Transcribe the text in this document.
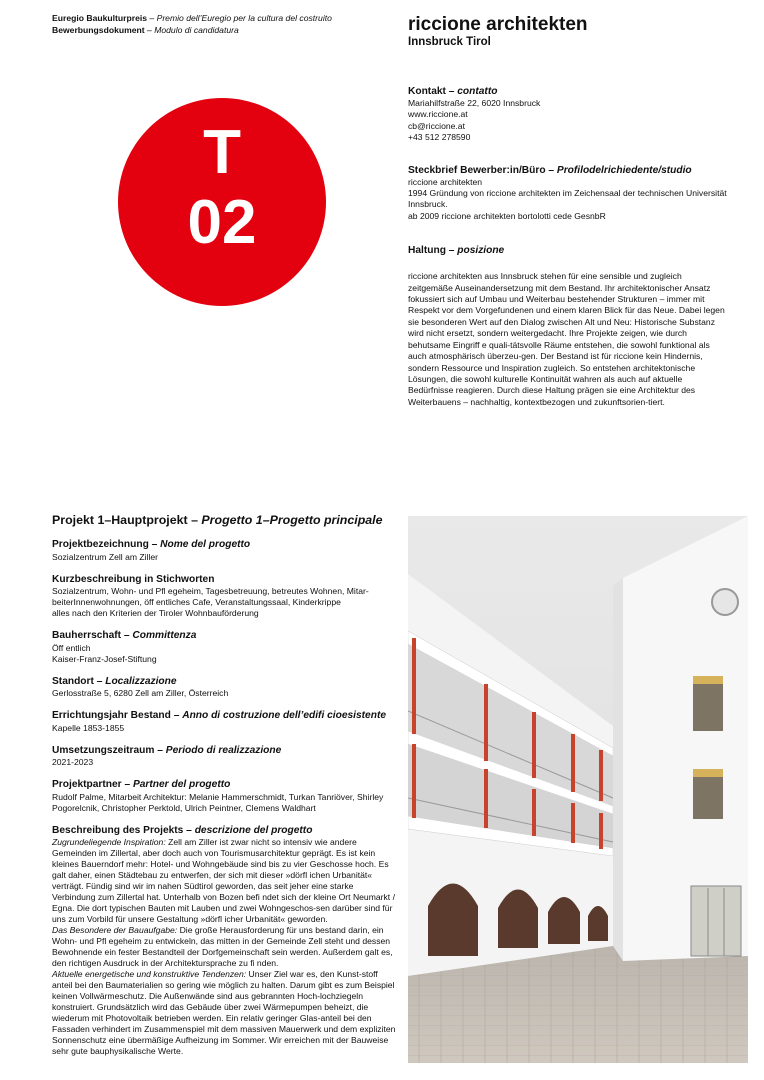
Euregio Baukulturpreis – Premio dell’Euregio per la cultura del costruito
Bewerbungsdokument – Modulo di candidatura
T
02
riccione architekten
Innsbruck Tirol
Kontakt – contatto
Mariahilfstraße 22, 6020 Innsbruck
www.riccione.at
cb@riccione.at
+43 512 278590
Steckbrief Bewerber:in/Büro – Profilodelrichiedente/studio
riccione architekten
1994 Gründung von riccione architekten im Zeichensaal der technischen Universität Innsbruck.
ab 2009 riccione architekten bortolotti cede GesnbR
Haltung – posizione
riccione architekten aus Innsbruck stehen für eine sensible und zugleich zeitgemäße Auseinandersetzung mit dem Bestand. Ihr architektonischer Ansatz fokussiert sich auf Umbau und Weiterbau bestehender Strukturen – immer mit Respekt vor dem Vorgefundenen und einem klaren Blick für das Neue. Dabei legen sie besonderen Wert auf den Dialog zwischen Alt und Neu: Historische Substanz wird nicht ersetzt, sondern weitergedacht. Ihre Projekte zeigen, wie durch behutsame Eingriff e quali-tätsvolle Räume entstehen, die sowohl funktional als auch atmosphärisch überzeu-gen. Der Bestand ist für riccione kein Hindernis, sondern Ressource und Inspiration zugleich. So entstehen architektonische Lösungen, die sowohl kulturelle Kontinuität wahren als auch auf aktuelle Bedürfnisse reagieren. Durch diese Haltung prägen sie eine Architektur des Weiterbauens – nachhaltig, kontextbezogen und zukunftsorien-tiert.
Projekt 1–Hauptprojekt – Progetto 1–Progetto principale
Projektbezeichnung – Nome del progetto
Sozialzentrum Zell am Ziller
Kurzbeschreibung in Stichworten
Sozialzentrum, Wohn- und Pfl egeheim, Tagesbetreuung, betreutes Wohnen, Mitar-beiterInnenwohnungen, öff entliches Cafe, Veranstaltungssaal, Kinderkrippe
alles nach den Kriterien der Tiroler Wohnbauförderung
Bauherrschaft – Committenza
Öff entlich
Kaiser-Franz-Josef-Stiftung
Standort – Localizzazione
Gerlosstraße 5, 6280 Zell am Ziller, Österreich
Errichtungsjahr Bestand – Anno di costruzione dell’edifi cioesistente
Kapelle 1853-1855
Umsetzungszeitraum – Periodo di realizzazione
2021-2023
Projektpartner – Partner del progetto
Rudolf Palme, Mitarbeit Architektur: Melanie Hammerschmidt, Turkan Tanriöver, Shirley Pogorelcnik, Christopher Perktold, Ulrich Peintner, Clemens Waldhart
Beschreibung des Projekts – descrizione del progetto
Zugrundeliegende Inspiration: Zell am Ziller ist zwar nicht so intensiv wie andere Gemeinden im Zillertal, aber doch auch von Tourismusarchitektur geprägt. Es ist kein kleines Bauerndorf mehr: Hotel- und Wohngebäude sind bis zu vier Geschosse hoch. Es galt daher, einen Städtebau zu entwerfen, der sich mit dieser »dörfl ichen Urbanität« verträgt. Fündig sind wir im nahen Südtirol geworden, das seit jeher eine starke Verbindung zum Zillertal hat. Unterhalb von Bozen befi ndet sich der kleine Ort Neumarkt / Egna. Die dort typischen Bauten mit Lauben und zwei Wohngeschos-sen darüber sind für uns zum Vorbild für unsere Gestaltung »dörfl icher Urbanität« geworden.
Das Besondere der Bauaufgabe: Die große Herausforderung für uns bestand darin, ein Wohn- und Pfl egeheim zu entwickeln, das mitten in der Gemeinde Zell steht und dessen Bewohnende ein fester Bestandteil der Dorfgemeinschaft sein werden. Außerdem galt es, den richtigen Ausdruck in der Architektursprache zu fi nden.
Aktuelle energetische und konstruktive Tendenzen: Unser Ziel war es, den Kunst-stoff anteil bei den Baumaterialien so gering wie möglich zu halten. Darum gibt es zum Beispiel keinen Vollwärmeschutz. Die Außenwände sind aus gebrannten Hoch-lochziegeln konstruiert. Grundsätzlich wird das Gebäude über zwei Wärmepumpen beheizt, die wiederum mit Photovoltaik betrieben werden. Ein relativ geringer Glas-anteil bei den Fassaden verhindert im Zusammenspiel mit dem massiven Mauerwerk und dem expliziten Sonnenschutz eine übermäßige Aufheizung im Sommer. Wir erreichen mit der Bauweise sehr gute bauphysikalische Werte.
